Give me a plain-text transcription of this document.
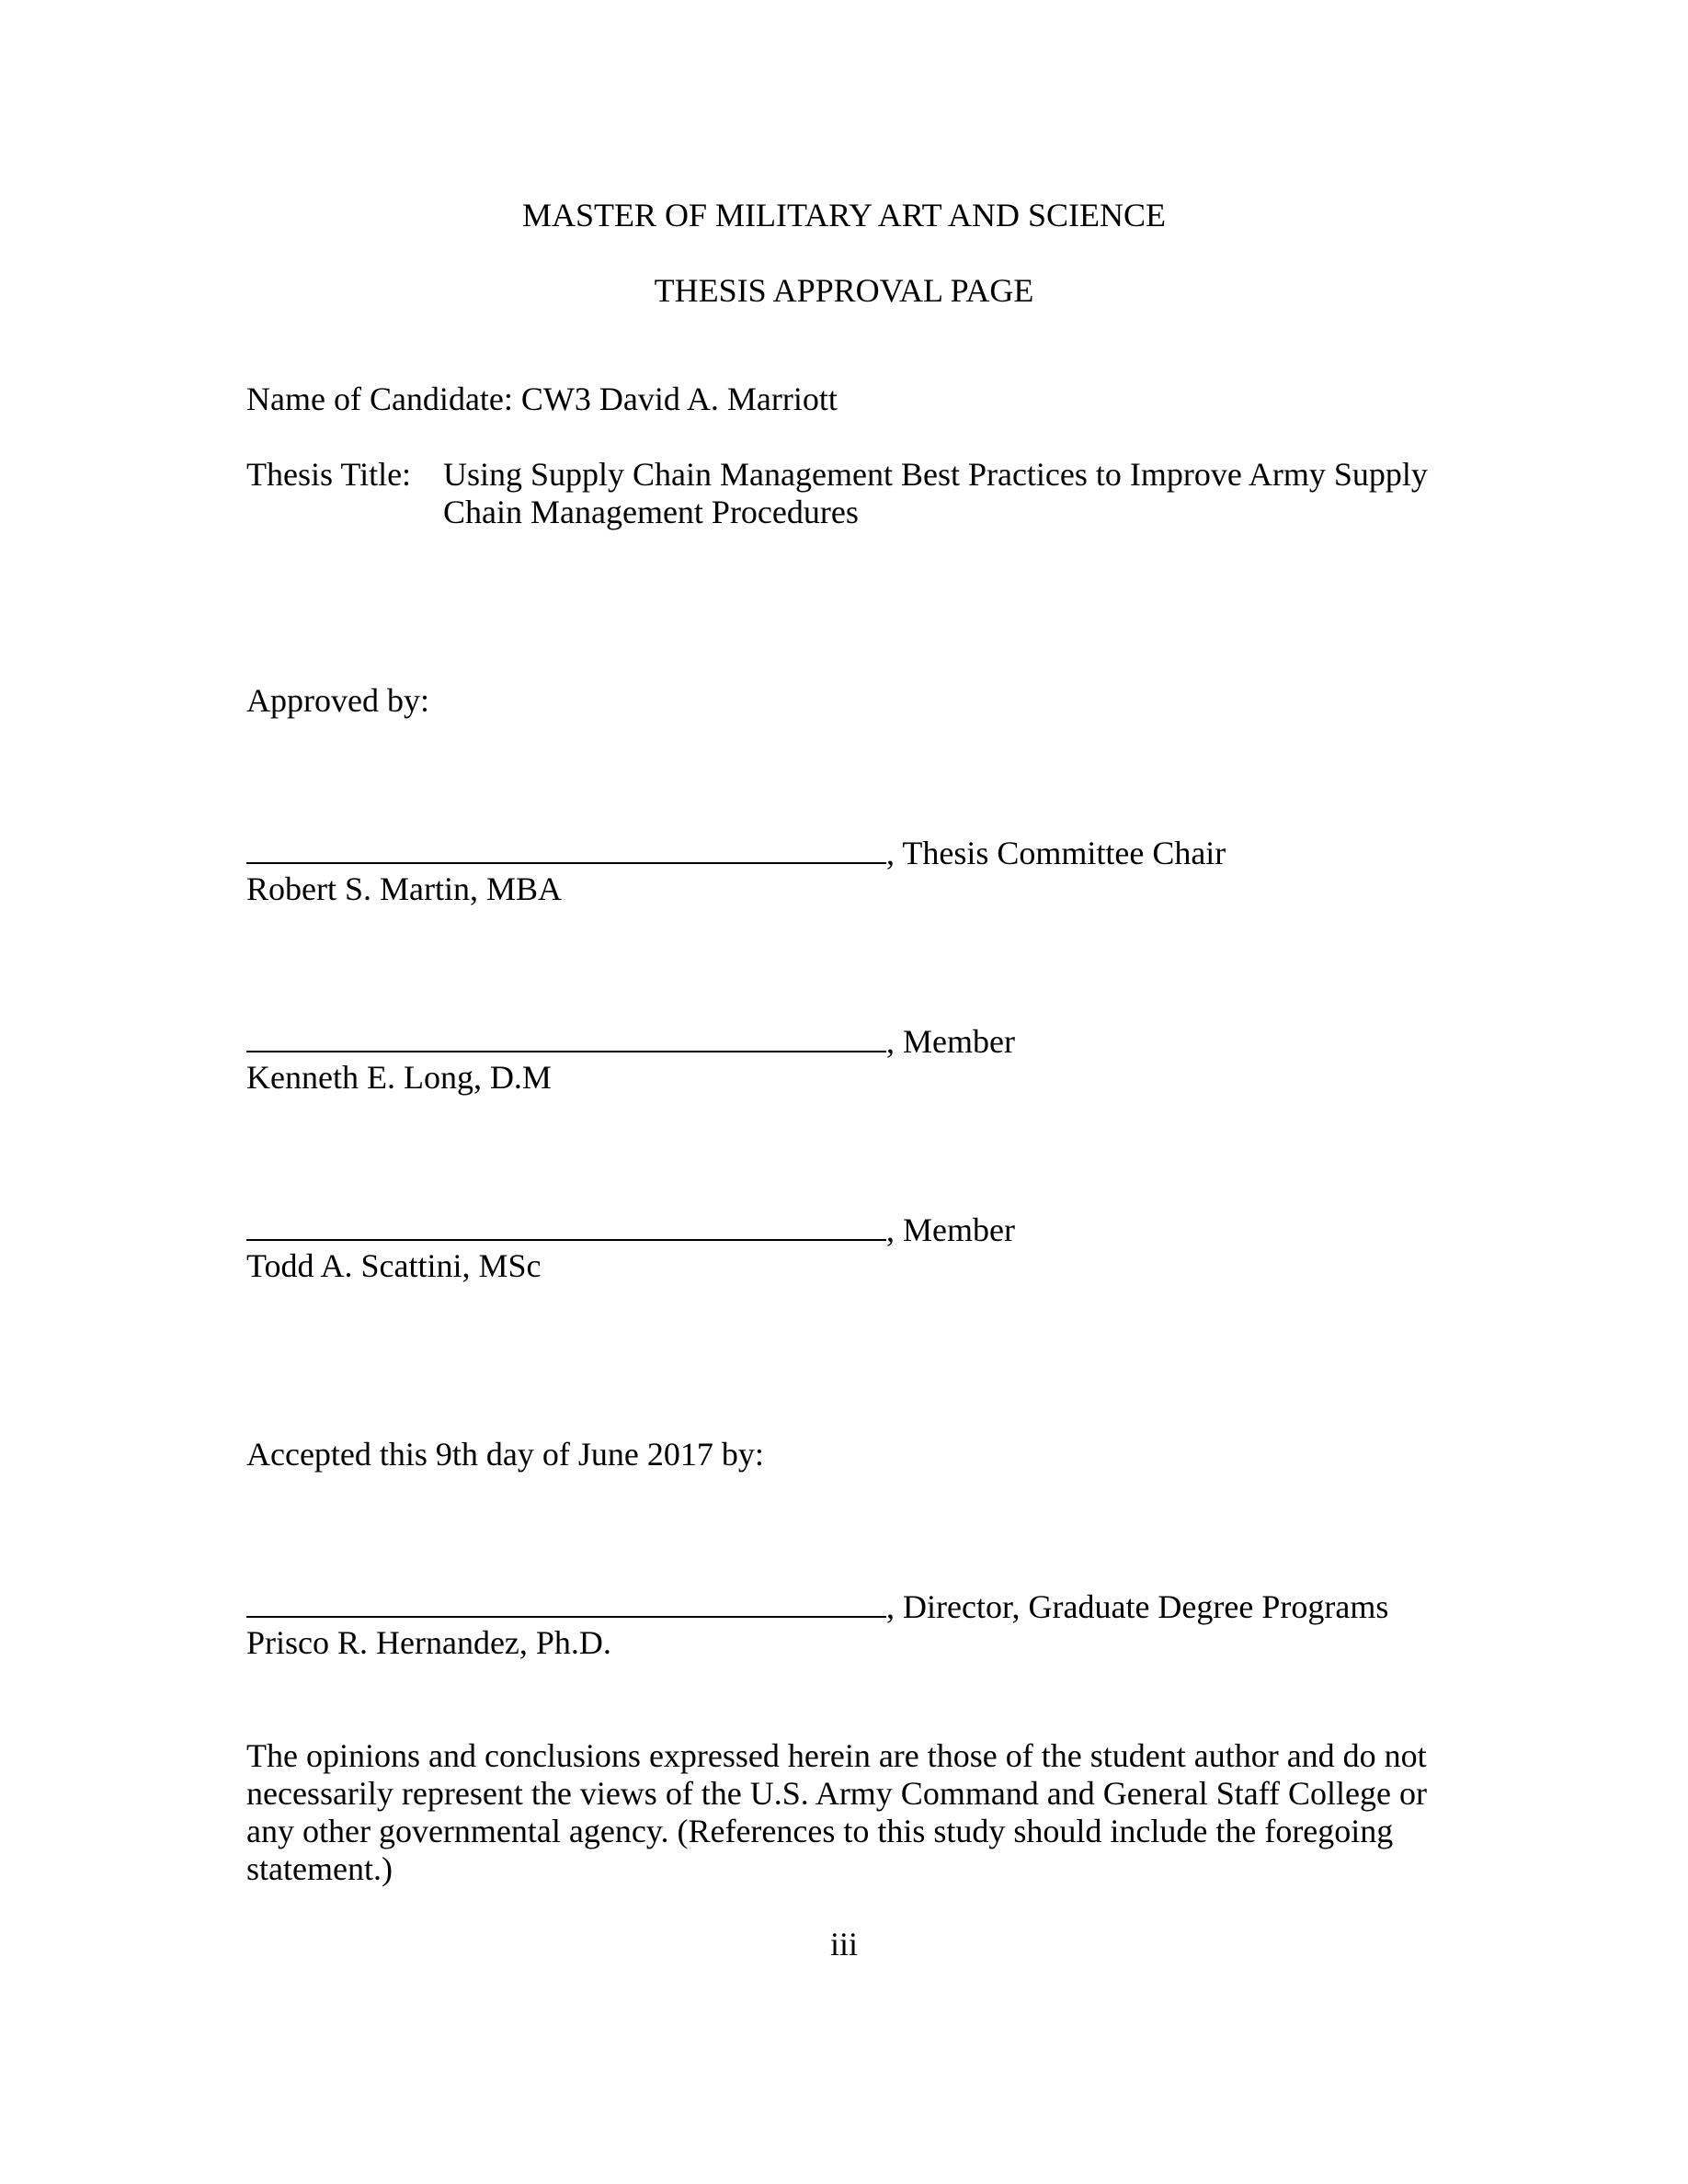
MASTER OF MILITARY ART AND SCIENCE
THESIS APPROVAL PAGE
Name of Candidate: CW3 David A. Marriott
Thesis Title: Using Supply Chain Management Best Practices to Improve Army Supply
Chain Management Procedures
Approved by:
, Thesis Committee Chair
Robert S. Martin, MBA
, Member
Kenneth E. Long, D.M
, Member
Todd A. Scattini, MSc
Accepted this 9th day of June 2017 by:
, Director, Graduate Degree Programs
Prisco R. Hernandez, Ph.D.
The opinions and conclusions expressed herein are those of the student author and do not
necessarily represent the views of the U.S. Army Command and General Staff College or
any other governmental agency. (References to this study should include the foregoing
statement.)
iii
